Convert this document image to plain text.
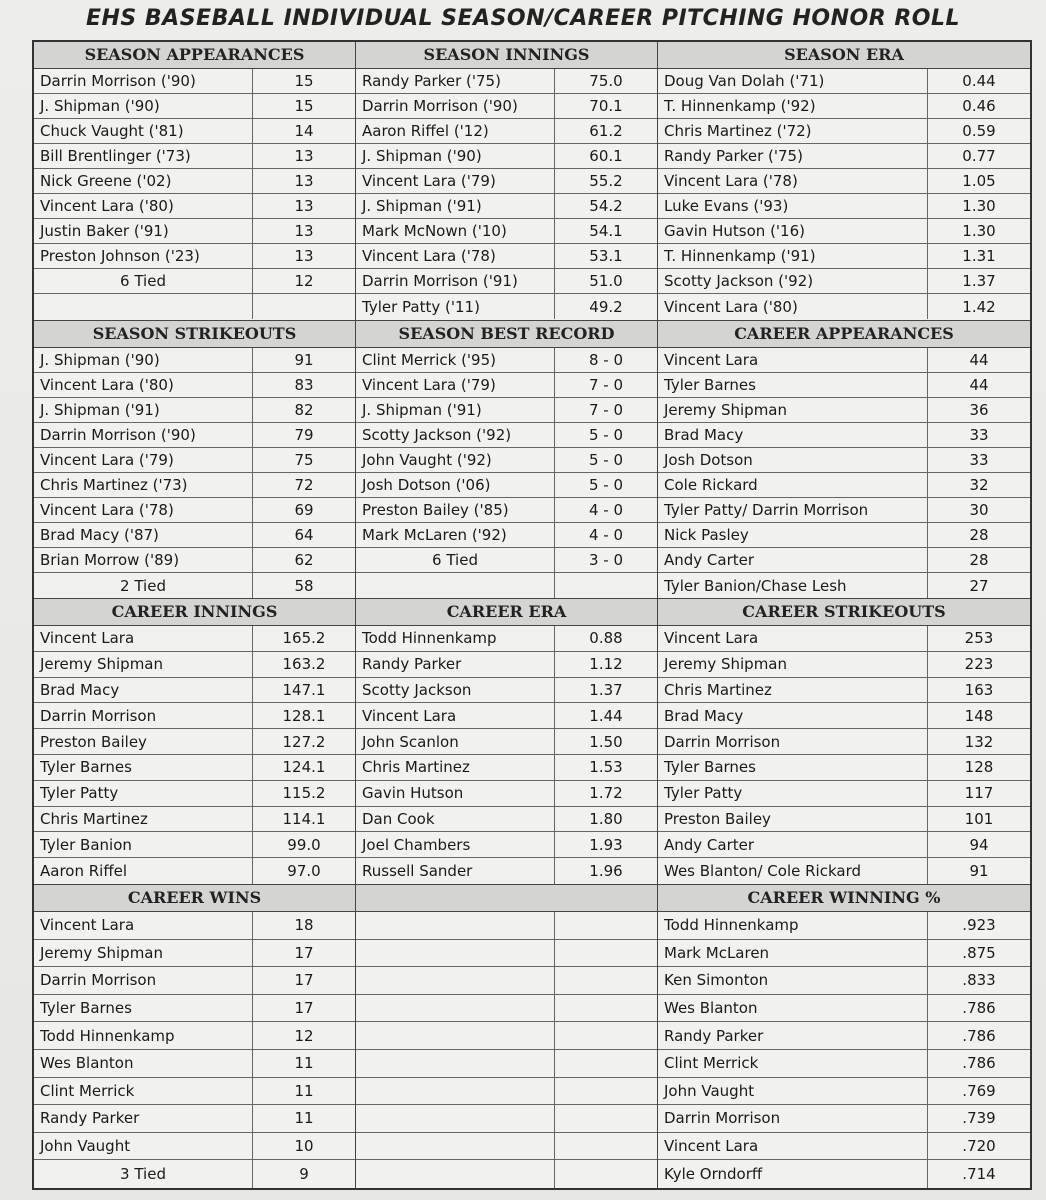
EHS BASEBALL INDIVIDUAL SEASON/CAREER PITCHING HONOR ROLL
SEASON APPEARANCES
Darrin Morrison ('90)	15
J. Shipman ('90)	15
Chuck Vaught ('81)	14
Bill Brentlinger ('73)	13
Nick Greene ('02)	13
Vincent Lara ('80)	13
Justin Baker ('91)	13
Preston Johnson ('23)	13
6 Tied	12
SEASON INNINGS
Randy Parker ('75)	75.0
Darrin Morrison ('90)	70.1
Aaron Riffel ('12)	61.2
J. Shipman ('90)	60.1
Vincent Lara ('79)	55.2
J. Shipman ('91)	54.2
Mark McNown ('10)	54.1
Vincent Lara ('78)	53.1
Darrin Morrison ('91)	51.0
Tyler Patty ('11)	49.2
SEASON ERA
Doug Van Dolah ('71)	0.44
T. Hinnenkamp ('92)	0.46
Chris Martinez ('72)	0.59
Randy Parker ('75)	0.77
Vincent Lara ('78)	1.05
Luke Evans ('93)	1.30
Gavin Hutson ('16)	1.30
T. Hinnenkamp ('91)	1.31
Scotty Jackson ('92)	1.37
Vincent Lara ('80)	1.42
SEASON STRIKEOUTS
J. Shipman ('90)	91
Vincent Lara ('80)	83
J. Shipman ('91)	82
Darrin Morrison ('90)	79
Vincent Lara ('79)	75
Chris Martinez ('73)	72
Vincent Lara ('78)	69
Brad Macy ('87)	64
Brian Morrow ('89)	62
2 Tied	58
SEASON BEST RECORD
Clint Merrick ('95)	8 - 0
Vincent Lara ('79)	7 - 0
J. Shipman ('91)	7 - 0
Scotty Jackson ('92)	5 - 0
John Vaught ('92)	5 - 0
Josh Dotson ('06)	5 - 0
Preston Bailey ('85)	4 - 0
Mark McLaren ('92)	4 - 0
6 Tied	3 - 0
CAREER APPEARANCES
Vincent Lara	44
Tyler Barnes	44
Jeremy Shipman	36
Brad Macy	33
Josh Dotson	33
Cole Rickard	32
Tyler Patty/ Darrin Morrison	30
Nick Pasley	28
Andy Carter	28
Tyler Banion/Chase Lesh	27
CAREER INNINGS
Vincent Lara	165.2
Jeremy Shipman	163.2
Brad Macy	147.1
Darrin Morrison	128.1
Preston Bailey	127.2
Tyler Barnes	124.1
Tyler Patty	115.2
Chris Martinez	114.1
Tyler Banion	99.0
Aaron Riffel	97.0
CAREER ERA
Todd Hinnenkamp	0.88
Randy Parker	1.12
Scotty Jackson	1.37
Vincent Lara	1.44
John Scanlon	1.50
Chris Martinez	1.53
Gavin Hutson	1.72
Dan Cook	1.80
Joel Chambers	1.93
Russell Sander	1.96
CAREER STRIKEOUTS
Vincent Lara	253
Jeremy Shipman	223
Chris Martinez	163
Brad Macy	148
Darrin Morrison	132
Tyler Barnes	128
Tyler Patty	117
Preston Bailey	101
Andy Carter	94
Wes Blanton/ Cole Rickard	91
CAREER WINS
Vincent Lara	18
Jeremy Shipman	17
Darrin Morrison	17
Tyler Barnes	17
Todd Hinnenkamp	12
Wes Blanton	11
Clint Merrick	11
Randy Parker	11
John Vaught	10
3 Tied	9
CAREER WINNING %
Todd Hinnenkamp	.923
Mark McLaren	.875
Ken Simonton	.833
Wes Blanton	.786
Randy Parker	.786
Clint Merrick	.786
John Vaught	.769
Darrin Morrison	.739
Vincent Lara	.720
Kyle Orndorff	.714
